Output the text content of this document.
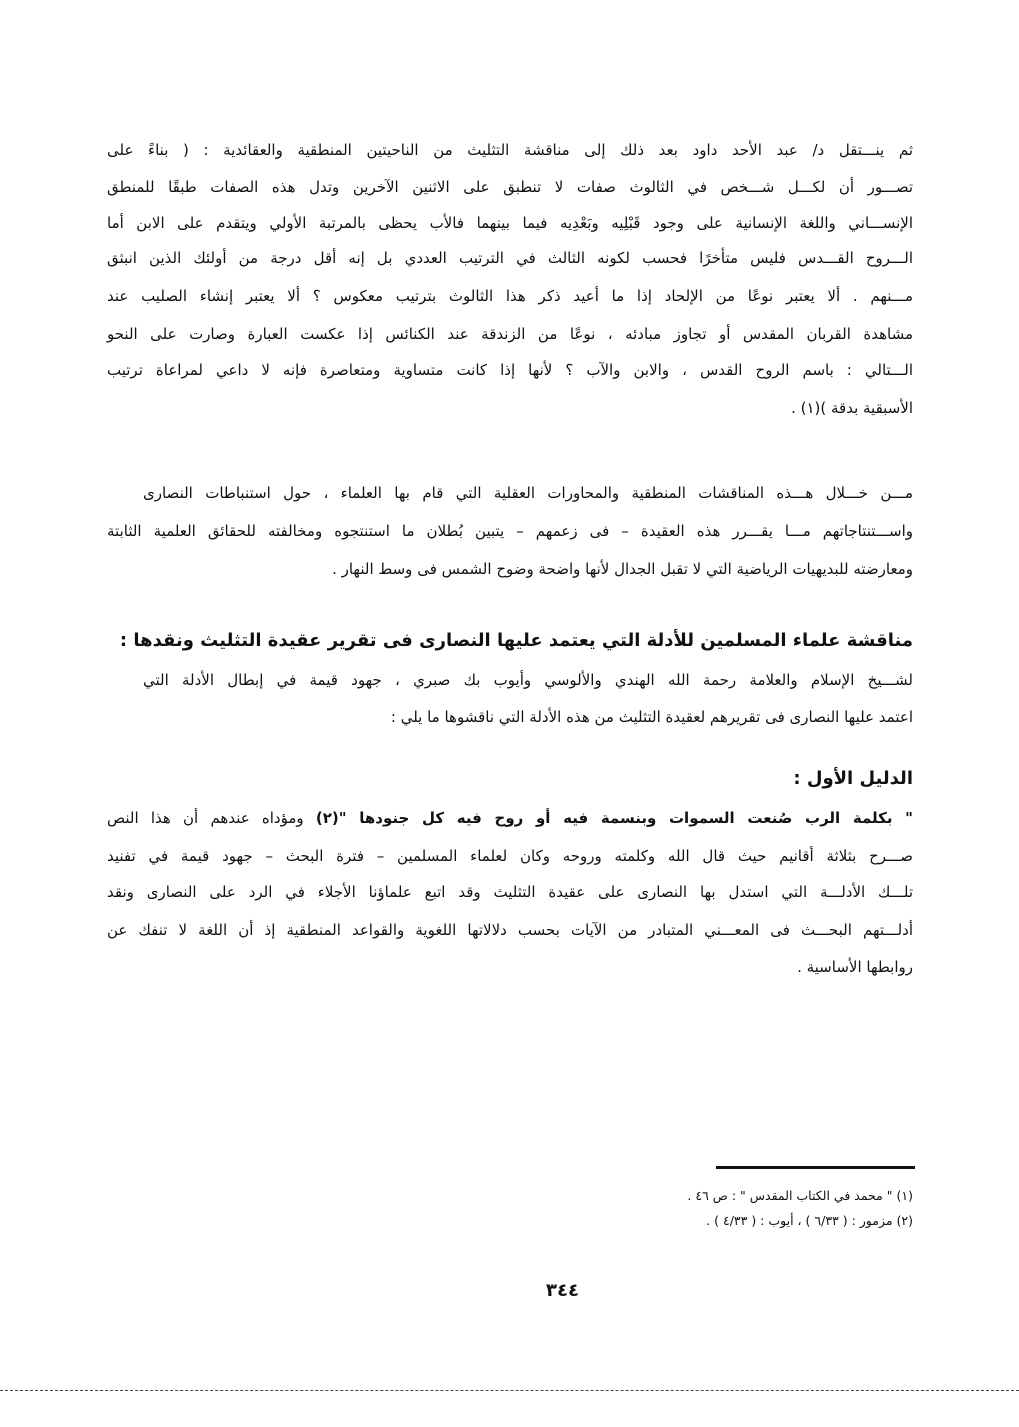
ثم ينـــتقل د/ عبد الأحد داود بعد ذلك إلى مناقشة التثليث من الناحيتين المنطقية والعقائدية : ( بناءً على
تصـــور أن لكـــل شـــخص في الثالوث صفات لا تنطبق على الاثنين الآخرين وتدل هذه الصفات طبقًا للمنطق
الإنســـاني واللغة الإنسانية على وجود قَبْلِيه وبَعْدِيه فيما بينهما فالأب يحظى بالمرتبة الأولي ويتقدم على الابن أما
الـــروح القـــدس فليس متأخرًا فحسب لكونه الثالث في الترتيب العددي بل إنه أقل درجة من أولئك الذين انبثق
مـــنهم . ألا يعتبر نوعًا من الإلحاد إذا ما أعيد ذكر هذا الثالوث بترتيب معكوس ؟ ألا يعتبر إنشاء الصليب عند
مشاهدة القربان المقدس أو تجاوز مبادئه ، نوعًا من الزندقة عند الكنائس إذا عكست العبارة وصارت على النحو
الـــتالي : باسم الروح القدس ، والابن والآب ؟ لأنها إذا كانت متساوية ومتعاصرة فإنه لا داعي لمراعاة ترتيب
الأسبقية بدقة )(١) .
مـــن خـــلال هـــذه المناقشات المنطقية والمحاورات العقلية التي قام بها العلماء ، حول استنباطات النصارى
واســـتنتاجاتهم مـــا يقـــرر هذه العقيدة – فى زعمهم – يتبين بُطلان ما استنتجوه ومخالفته للحقائق العلمية الثابتة
ومعارضته للبديهيات الرياضية التي لا تقبل الجدال لأنها واضحة وضوح الشمس فى وسط النهار .
مناقشة علماء المسلمين للأدلة التي يعتمد عليها النصارى فى تقرير عقيدة التثليث ونقدها :
لشـــيخ الإسلام والعلامة رحمة الله الهندي والألوسي وأيوب بك صبري ، جهود قيمة في إبطال الأدلة التي
اعتمد عليها النصارى فى تقريرهم لعقيدة التثليث من هذه الأدلة التي ناقشوها ما يلي :
الدليل الأول :
" بكلمة الرب صُنعت السموات وبنسمة فيه أو روح فيه كل جنودها "(٢) ومؤداه عندهم أن هذا النص
صـــرح بثلاثة أقانيم حيث قال الله وكلمته وروحه وكان لعلماء المسلمين – فترة البحث – جهود قيمة في تفنيد
تلـــك الأدلـــة التي استدل بها النصارى على عقيدة التثليث وقد اتبع علماؤنا الأجلاء في الرد على النصارى ونقد
أدلـــتهم البحـــث فى المعـــني المتبادر من الآيات بحسب دلالاتها اللغوية والقواعد المنطقية إذ أن اللغة لا تنفك عن
روابطها الأساسية .
(١) " محمد في الكتاب المقدس " : ص ٤٦ .
(٢) مزمور : ( ٦/٣٣ ) ، أيوب : ( ٤/٣٣ ) .
٣٤٤
